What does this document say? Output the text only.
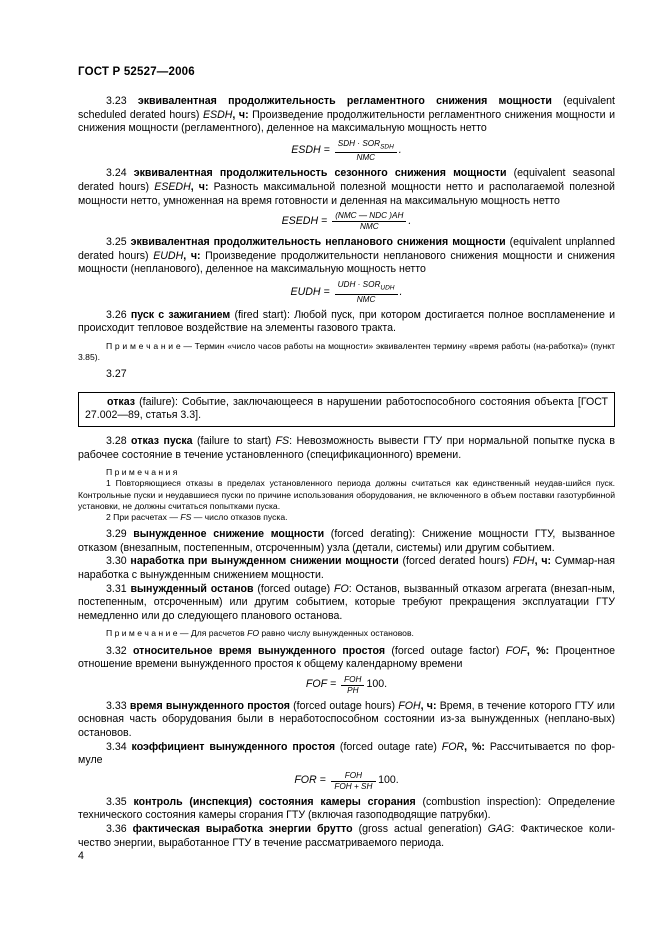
ГОСТ Р 52527—2006

3.23 эквивалентная продолжительность регламентного снижения мощности (equivalent scheduled derated hours) ESDH, ч: Произведение продолжительности регламентного снижения мощности и снижения мощности (регламентного), деленное на максимальную мощность нетто

ESDH = $\frac{SDH \cdot SOR_{SDH}}{\text{NMC}}$ .

3.24 эквивалентная продолжительность сезонного снижения мощности (equivalent seasonal derated hours) ESEDH, ч: Разность максимальной полезной мощности нетто и располагаемой полезной мощности нетто, умноженная на время готовности и деленная на максимальную мощность нетто

ESEDH = $\frac{\text{(NMC — NDC )AH}}{\text{NMC}}$ .

3.25 эквивалентная продолжительность непланового снижения мощности (equivalent unplanned derated hours) EUDH, ч: Произведение продолжительности непланового снижения мощности и снижения мощности (непланового), деленное на максимальную мощность нетто

EUDH = $\frac{UDH \cdot SOR_{UDH}}{\text{NMC}}$ .

3.26 пуск с зажиганием (fired start): Любой пуск, при котором достигается полное воспламенение и происходит тепловое воздействие на элементы газового тракта.

П р и м е ч а н и е — Термин «число часов работы на мощности» эквивалентен термину «время работы (на-работка)» (пункт 3.85).

3.27

отказ (failure): Событие, заключающееся в нарушении работоспособного состояния объекта [ГОСТ 27.002—89, статья 3.3].

3.28 отказ пуска (failure to start) FS: Невозможность вывести ГТУ при нормальной попытке пуска в рабочее состояние в течение установленного (спецификационного) времени.

П р и м е ч а н и я

1 Повторяющиеся отказы в пределах установленного периода должны считаться как единственный неудав-шийся пуск. Контрольные пуски и неудавшиеся пуски по причине использования оборудования, не включенного в объем поставки газотурбинной установки, не должны считаться попытками пуска.

2 При расчетах — FS — число отказов пуска.

3.29 вынужденное снижение мощности (forced derating): Снижение мощности ГТУ, вызванное отказом (внезапным, постепенным, отсроченным) узла (детали, системы) или другим событием.

3.30 наработка при вынужденном снижении мощности (forced derated hours) FDH, ч: Суммар-ная наработка с вынужденным снижением мощности.

3.31 вынужденный останов (forced outage) FO: Останов, вызванный отказом агрегата (внезап-ным, постепенным, отсроченным) или другим событием, которые требуют прекращения эксплуатации ГТУ немедленно или до следующего планового останова.

П р и м е ч а н и е — Для расчетов FO равно числу вынужденных остановов.

3.32 относительное время вынужденного простоя (forced outage factor) FOF, %: Процентное отношение времени вынужденного простоя к общему календарному времени

FOF = $\frac{\text{FOH}}{PH} 100$.

3.33 время вынужденного простоя (forced outage hours) FOH, ч: Время, в течение которого ГТУ или основная часть оборудования были в неработоспособном состоянии из-за вынужденных (неплано-вых) остановов.

3.34 коэффициент вынужденного простоя (forced outage rate) FOR, %: Рассчитывается по фор-муле

FOR = $\frac{\text{FOH}}{\text{FOH + SH}} 100$.

3.35 контроль (инспекция) состояния камеры сгорания (combustion inspection): Определение технического состояния камеры сгорания ГТУ (включая газоподводящие патрубки).

3.36 фактическая выработка энергии брутто (gross actual generation) GAG: Фактическое коли-чество энергии, выработанное ГТУ в течение рассматриваемого периода.

4
